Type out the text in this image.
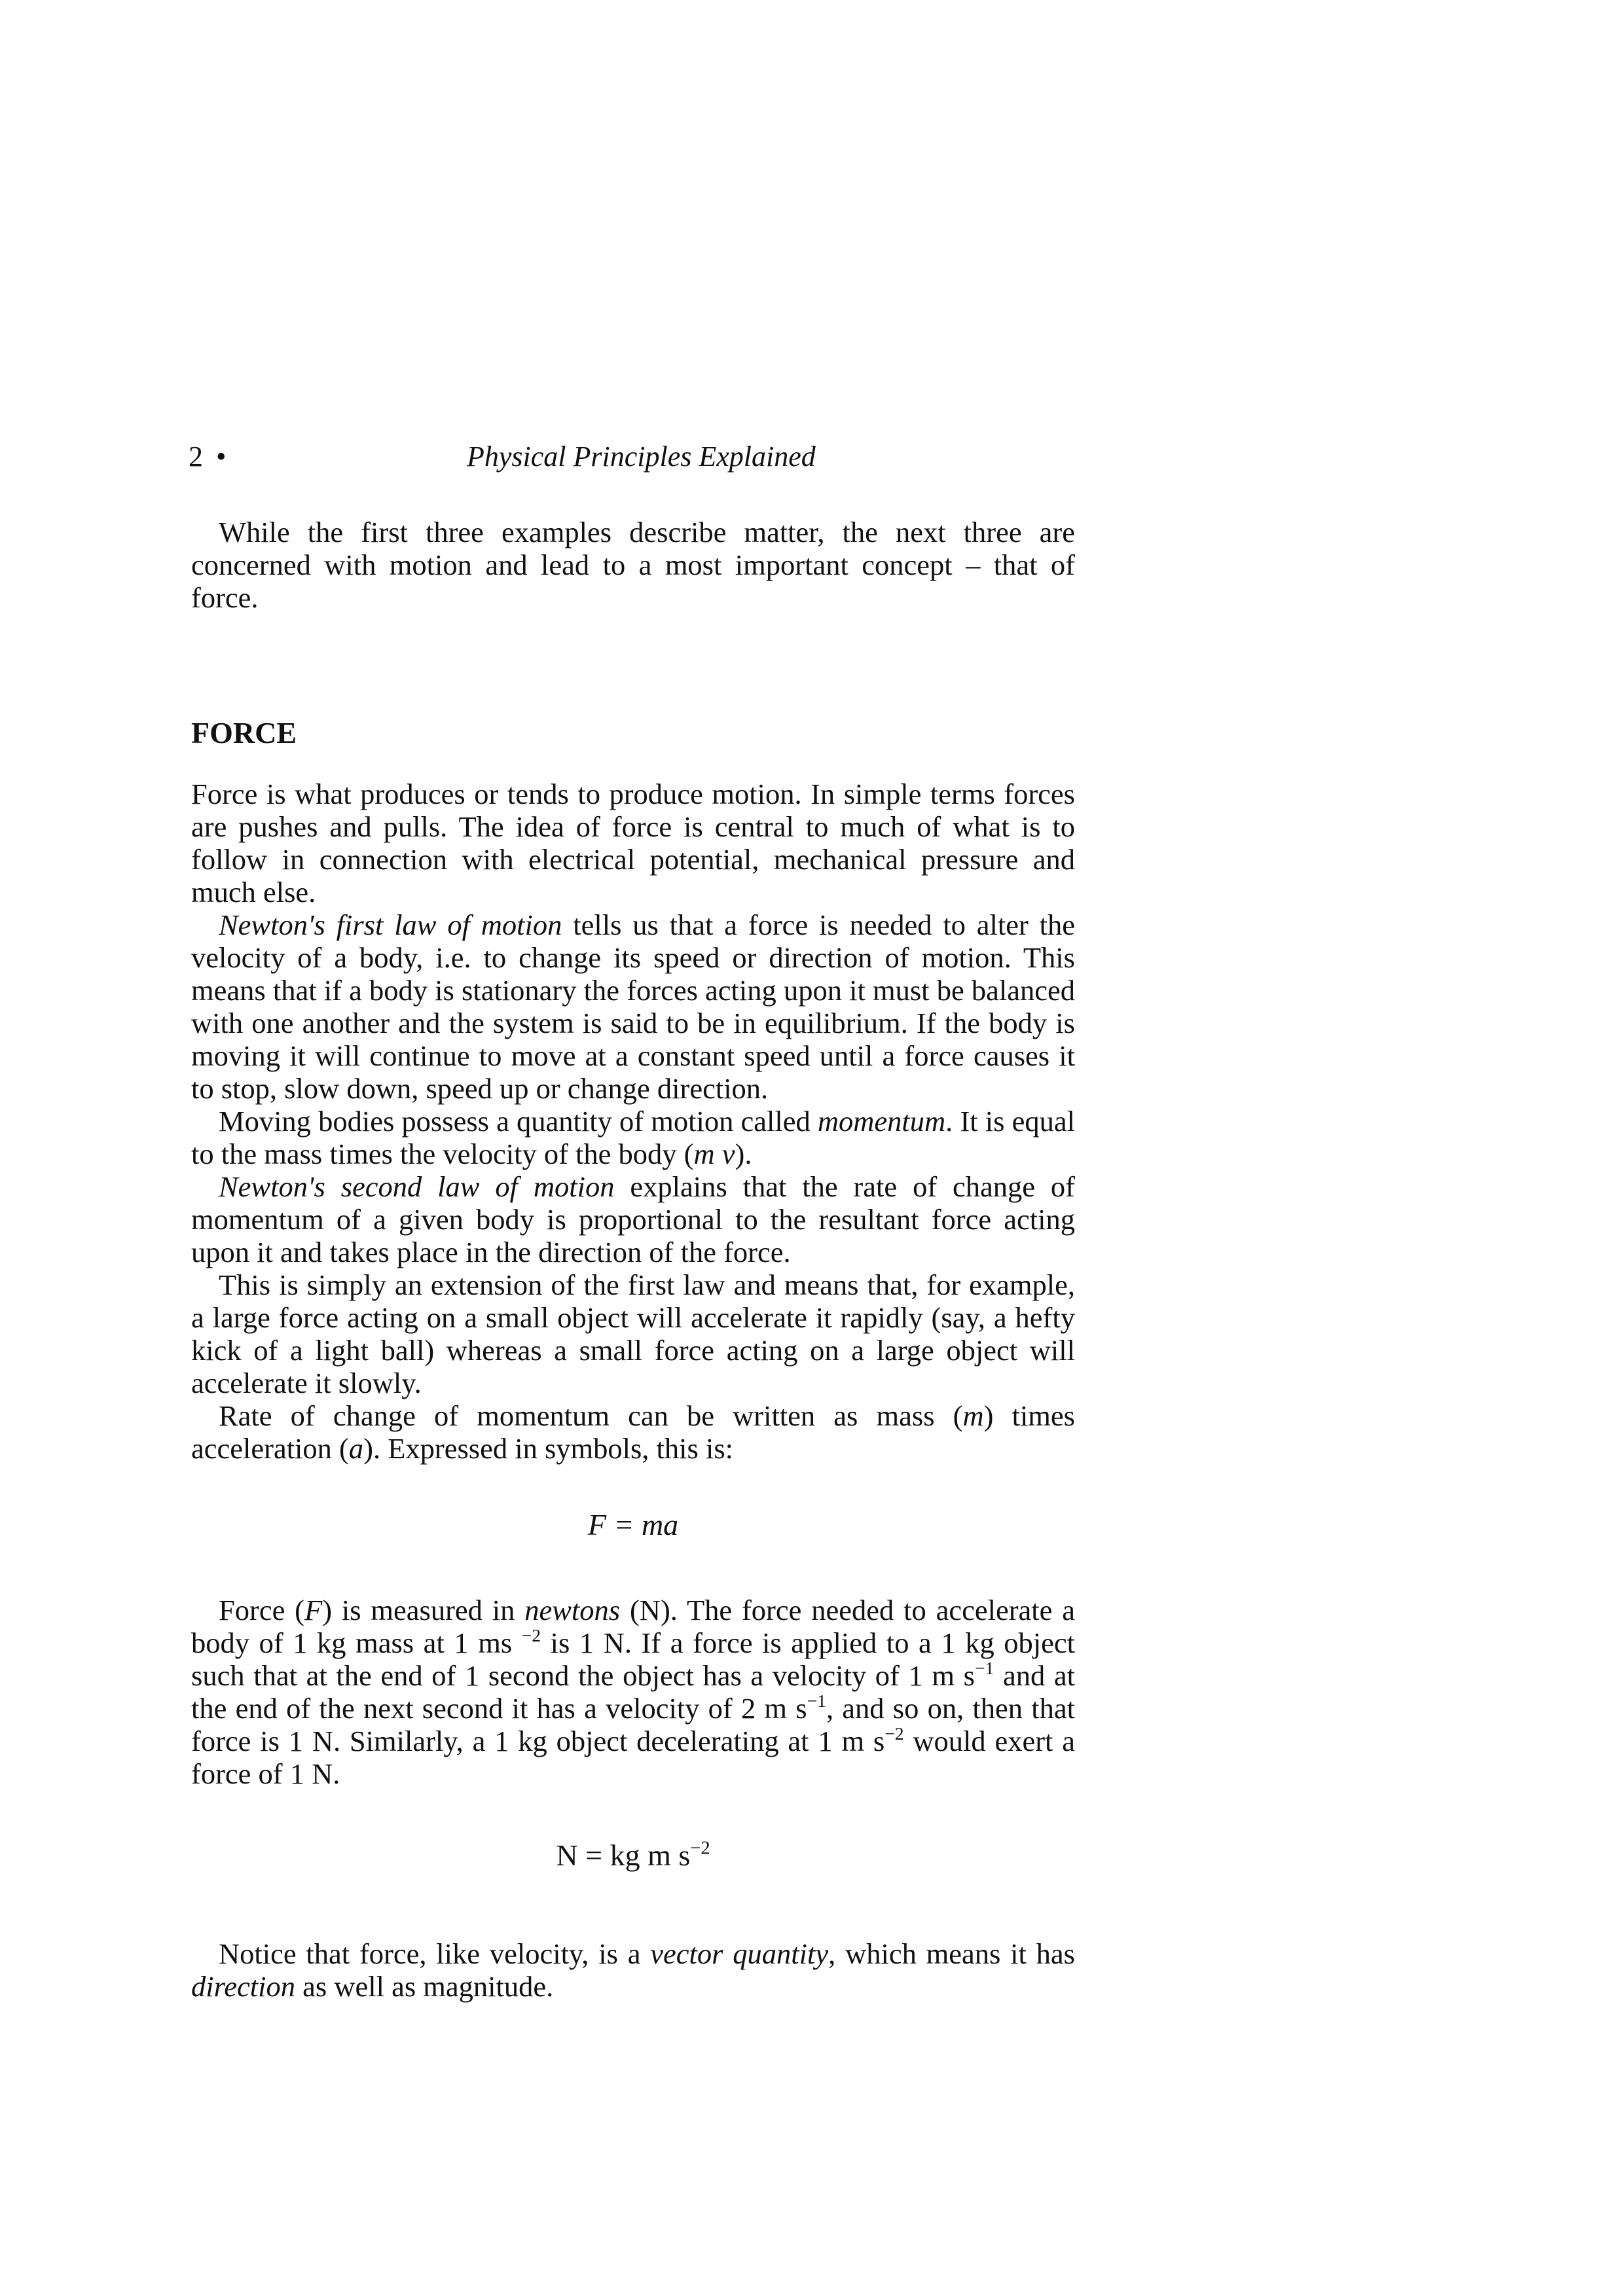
2 •	Physical Principles Explained

While the first three examples describe matter, the next three are concerned with motion and lead to a most important concept – that of force.

FORCE

Force is what produces or tends to produce motion. In simple terms forces are pushes and pulls. The idea of force is central to much of what is to follow in connection with electrical potential, mechanical pressure and much else.

Newton's first law of motion tells us that a force is needed to alter the velocity of a body, i.e. to change its speed or direction of motion. This means that if a body is stationary the forces acting upon it must be balanced with one another and the system is said to be in equilibrium. If the body is moving it will continue to move at a constant speed until a force causes it to stop, slow down, speed up or change direction.

Moving bodies possess a quantity of motion called momentum. It is equal to the mass times the velocity of the body (m v).

Newton's second law of motion explains that the rate of change of momentum of a given body is proportional to the resultant force acting upon it and takes place in the direction of the force.

This is simply an extension of the first law and means that, for example, a large force acting on a small object will accelerate it rapidly (say, a hefty kick of a light ball) whereas a small force acting on a large object will accelerate it slowly.

Rate of change of momentum can be written as mass (m) times acceleration (a). Expressed in symbols, this is:

F = ma

Force (F) is measured in newtons (N). The force needed to accelerate a body of 1 kg mass at 1 ms $^{-2}$ is 1 N. If a force is applied to a 1 kg object such that at the end of 1 second the object has a velocity of 1 m $s^{-1}$ and at the end of the next second it has a velocity of 2 m $s^{-1}$, and so on, then that force is 1 N. Similarly, a 1 kg object decelerating at 1 m $s^{-2}$ would exert a force of 1 N.

N = kg m $s^{-2}$

Notice that force, like velocity, is a vector quantity, which means it has direction as well as magnitude.
